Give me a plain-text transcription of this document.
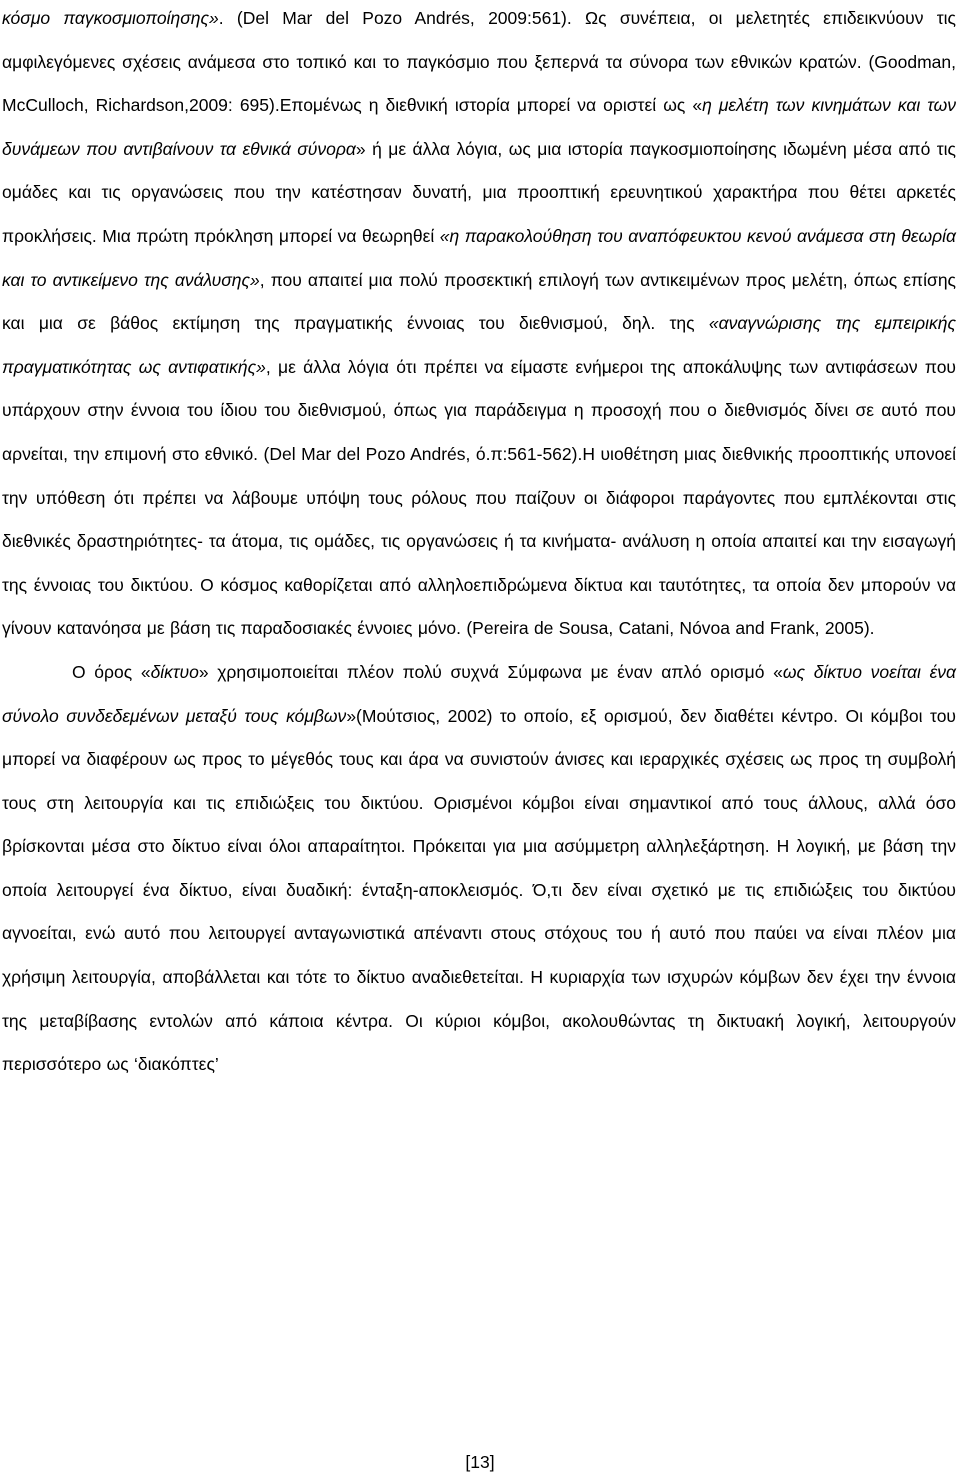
κόσμο παγκοσμιοποίησης». (Del Mar del Pozo Andrés, 2009:561). Ως συνέπεια, οι μελετητές επιδεικνύουν τις αμφιλεγόμενες σχέσεις ανάμεσα στο τοπικό και το παγκόσμιο που ξεπερνά τα σύνορα των εθνικών κρατών. (Goodman, McCulloch, Richardson,2009: 695).Επομένως η διεθνική ιστορία μπορεί να οριστεί ως «η μελέτη των κινημάτων και των δυνάμεων που αντιβαίνουν τα εθνικά σύνορα» ή με άλλα λόγια, ως μια ιστορία παγκοσμιοποίησης ιδωμένη μέσα από τις ομάδες και τις οργανώσεις που την κατέστησαν δυνατή, μια προοπτική ερευνητικού χαρακτήρα που θέτει αρκετές προκλήσεις. Μια πρώτη πρόκληση μπορεί να θεωρηθεί «η παρακολούθηση του αναπόφευκτου κενού ανάμεσα στη θεωρία και το αντικείμενο της ανάλυσης», που απαιτεί μια πολύ προσεκτική επιλογή των αντικειμένων προς μελέτη, όπως επίσης και μια σε βάθος εκτίμηση της πραγματικής έννοιας του διεθνισμού, δηλ. της «αναγνώρισης της εμπειρικής πραγματικότητας ως αντιφατικής», με άλλα λόγια ότι πρέπει να είμαστε ενήμεροι της αποκάλυψης των αντιφάσεων που υπάρχουν στην έννοια του ίδιου του διεθνισμού, όπως για παράδειγμα η προσοχή που ο διεθνισμός δίνει σε αυτό που αρνείται, την επιμονή στο εθνικό. (Del Mar del Pozo Andrés, ό.π:561-562).Η υιοθέτηση μιας διεθνικής προοπτικής υπονοεί την υπόθεση ότι πρέπει να λάβουμε υπόψη τους ρόλους που παίζουν οι διάφοροι παράγοντες που εμπλέκονται στις διεθνικές δραστηριότητες- τα άτομα, τις ομάδες, τις οργανώσεις ή τα κινήματα- ανάλυση η οποία απαιτεί και την εισαγωγή της έννοιας του δικτύου. Ο κόσμος καθορίζεται από αλληλοεπιδρώμενα δίκτυα και ταυτότητες, τα οποία δεν μπορούν να γίνουν κατανόησα με βάση τις παραδοσιακές έννοιες μόνο. (Pereira de Sousa, Catani, Nóvoa and Frank, 2005).

Ο όρος «δίκτυο» χρησιμοποιείται πλέον πολύ συχνά Σύμφωνα με έναν απλό ορισμό «ως δίκτυο νοείται ένα σύνολο συνδεδεμένων μεταξύ τους κόμβων»(Μούτσιος, 2002) το οποίο, εξ ορισμού, δεν διαθέτει κέντρο. Οι κόμβοι του μπορεί να διαφέρουν ως προς το μέγεθός τους και άρα να συνιστούν άνισες και ιεραρχικές σχέσεις ως προς τη συμβολή τους στη λειτουργία και τις επιδιώξεις του δικτύου. Ορισμένοι κόμβοι είναι σημαντικοί από τους άλλους, αλλά όσο βρίσκονται μέσα στο δίκτυο είναι όλοι απαραίτητοι. Πρόκειται για μια ασύμμετρη αλληλεξάρτηση. Η λογική, με βάση την οποία λειτουργεί ένα δίκτυο, είναι δυαδική: ένταξη-αποκλεισμός. Ό,τι δεν είναι σχετικό με τις επιδιώξεις του δικτύου αγνοείται, ενώ αυτό που λειτουργεί ανταγωνιστικά απέναντι στους στόχους του ή αυτό που παύει να είναι πλέον μια χρήσιμη λειτουργία, αποβάλλεται και τότε το δίκτυο αναδιεθετείται. Η κυριαρχία των ισχυρών κόμβων δεν έχει την έννοια της μεταβίβασης εντολών από κάποια κέντρα. Οι κύριοι κόμβοι, ακολουθώντας τη δικτυακή λογική, λειτουργούν περισσότερο ως ‘διακόπτες’

[13]
